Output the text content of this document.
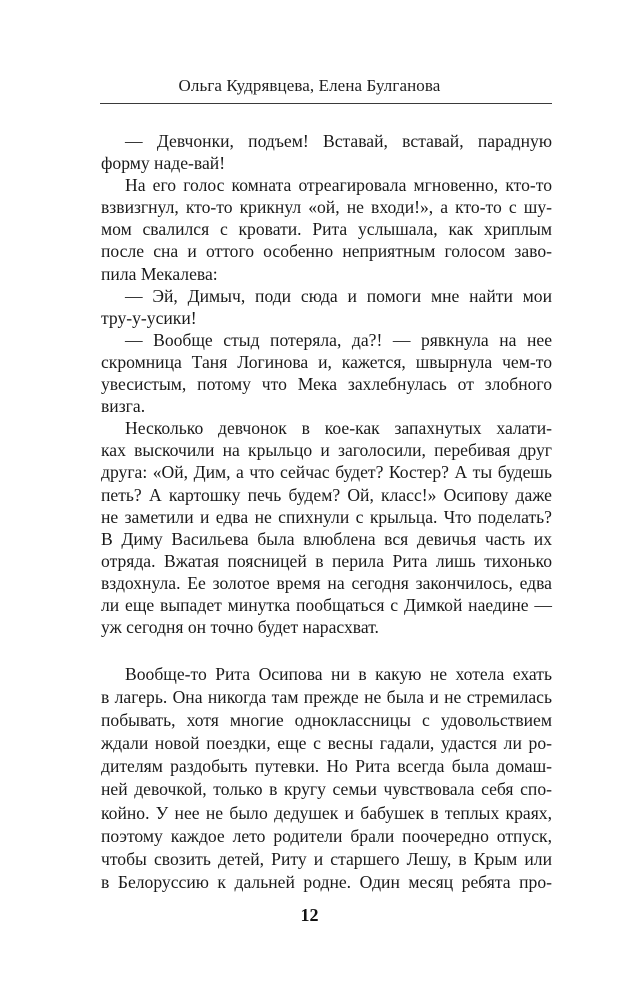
Ольга Кудрявцева, Елена Булганова
— Девчонки, подъем! Вставай, вставай, парадную
форму наде-вай!
На его голос комната отреагировала мгновенно, кто-то
взвизгнул, кто-то крикнул «ой, не входи!», а кто-то с шу-
мом свалился с кровати. Рита услышала, как хриплым
после сна и оттого особенно неприятным голосом заво-
пила Мекалева:
— Эй, Димыч, поди сюда и помоги мне найти мои
тру-у-усики!
— Вообще стыд потеряла, да?! — рявкнула на нее
скромница Таня Логинова и, кажется, швырнула чем-то
увесистым, потому что Мека захлебнулась от злобного
визга.
Несколько девчонок в кое-как запахнутых халати-
ках выскочили на крыльцо и заголосили, перебивая друг
друга: «Ой, Дим, а что сейчас будет? Костер? А ты будешь
петь? А картошку печь будем? Ой, класс!» Осипову даже
не заметили и едва не спихнули с крыльца. Что поделать?
В Диму Васильева была влюблена вся девичья часть их
отряда. Вжатая поясницей в перила Рита лишь тихонько
вздохнула. Ее золотое время на сегодня закончилось, едва
ли еще выпадет минутка пообщаться с Димкой наедине —
уж сегодня он точно будет нарасхват.
Вообще-то Рита Осипова ни в какую не хотела ехать
в лагерь. Она никогда там прежде не была и не стремилась
побывать, хотя многие одноклассницы с удовольствием
ждали новой поездки, еще с весны гадали, удастся ли ро-
дителям раздобыть путевки. Но Рита всегда была домаш-
ней девочкой, только в кругу семьи чувствовала себя спо-
койно. У нее не было дедушек и бабушек в теплых краях,
поэтому каждое лето родители брали поочередно отпуск,
чтобы свозить детей, Риту и старшего Лешу, в Крым или
в Белоруссию к дальней родне. Один месяц ребята про-
12
